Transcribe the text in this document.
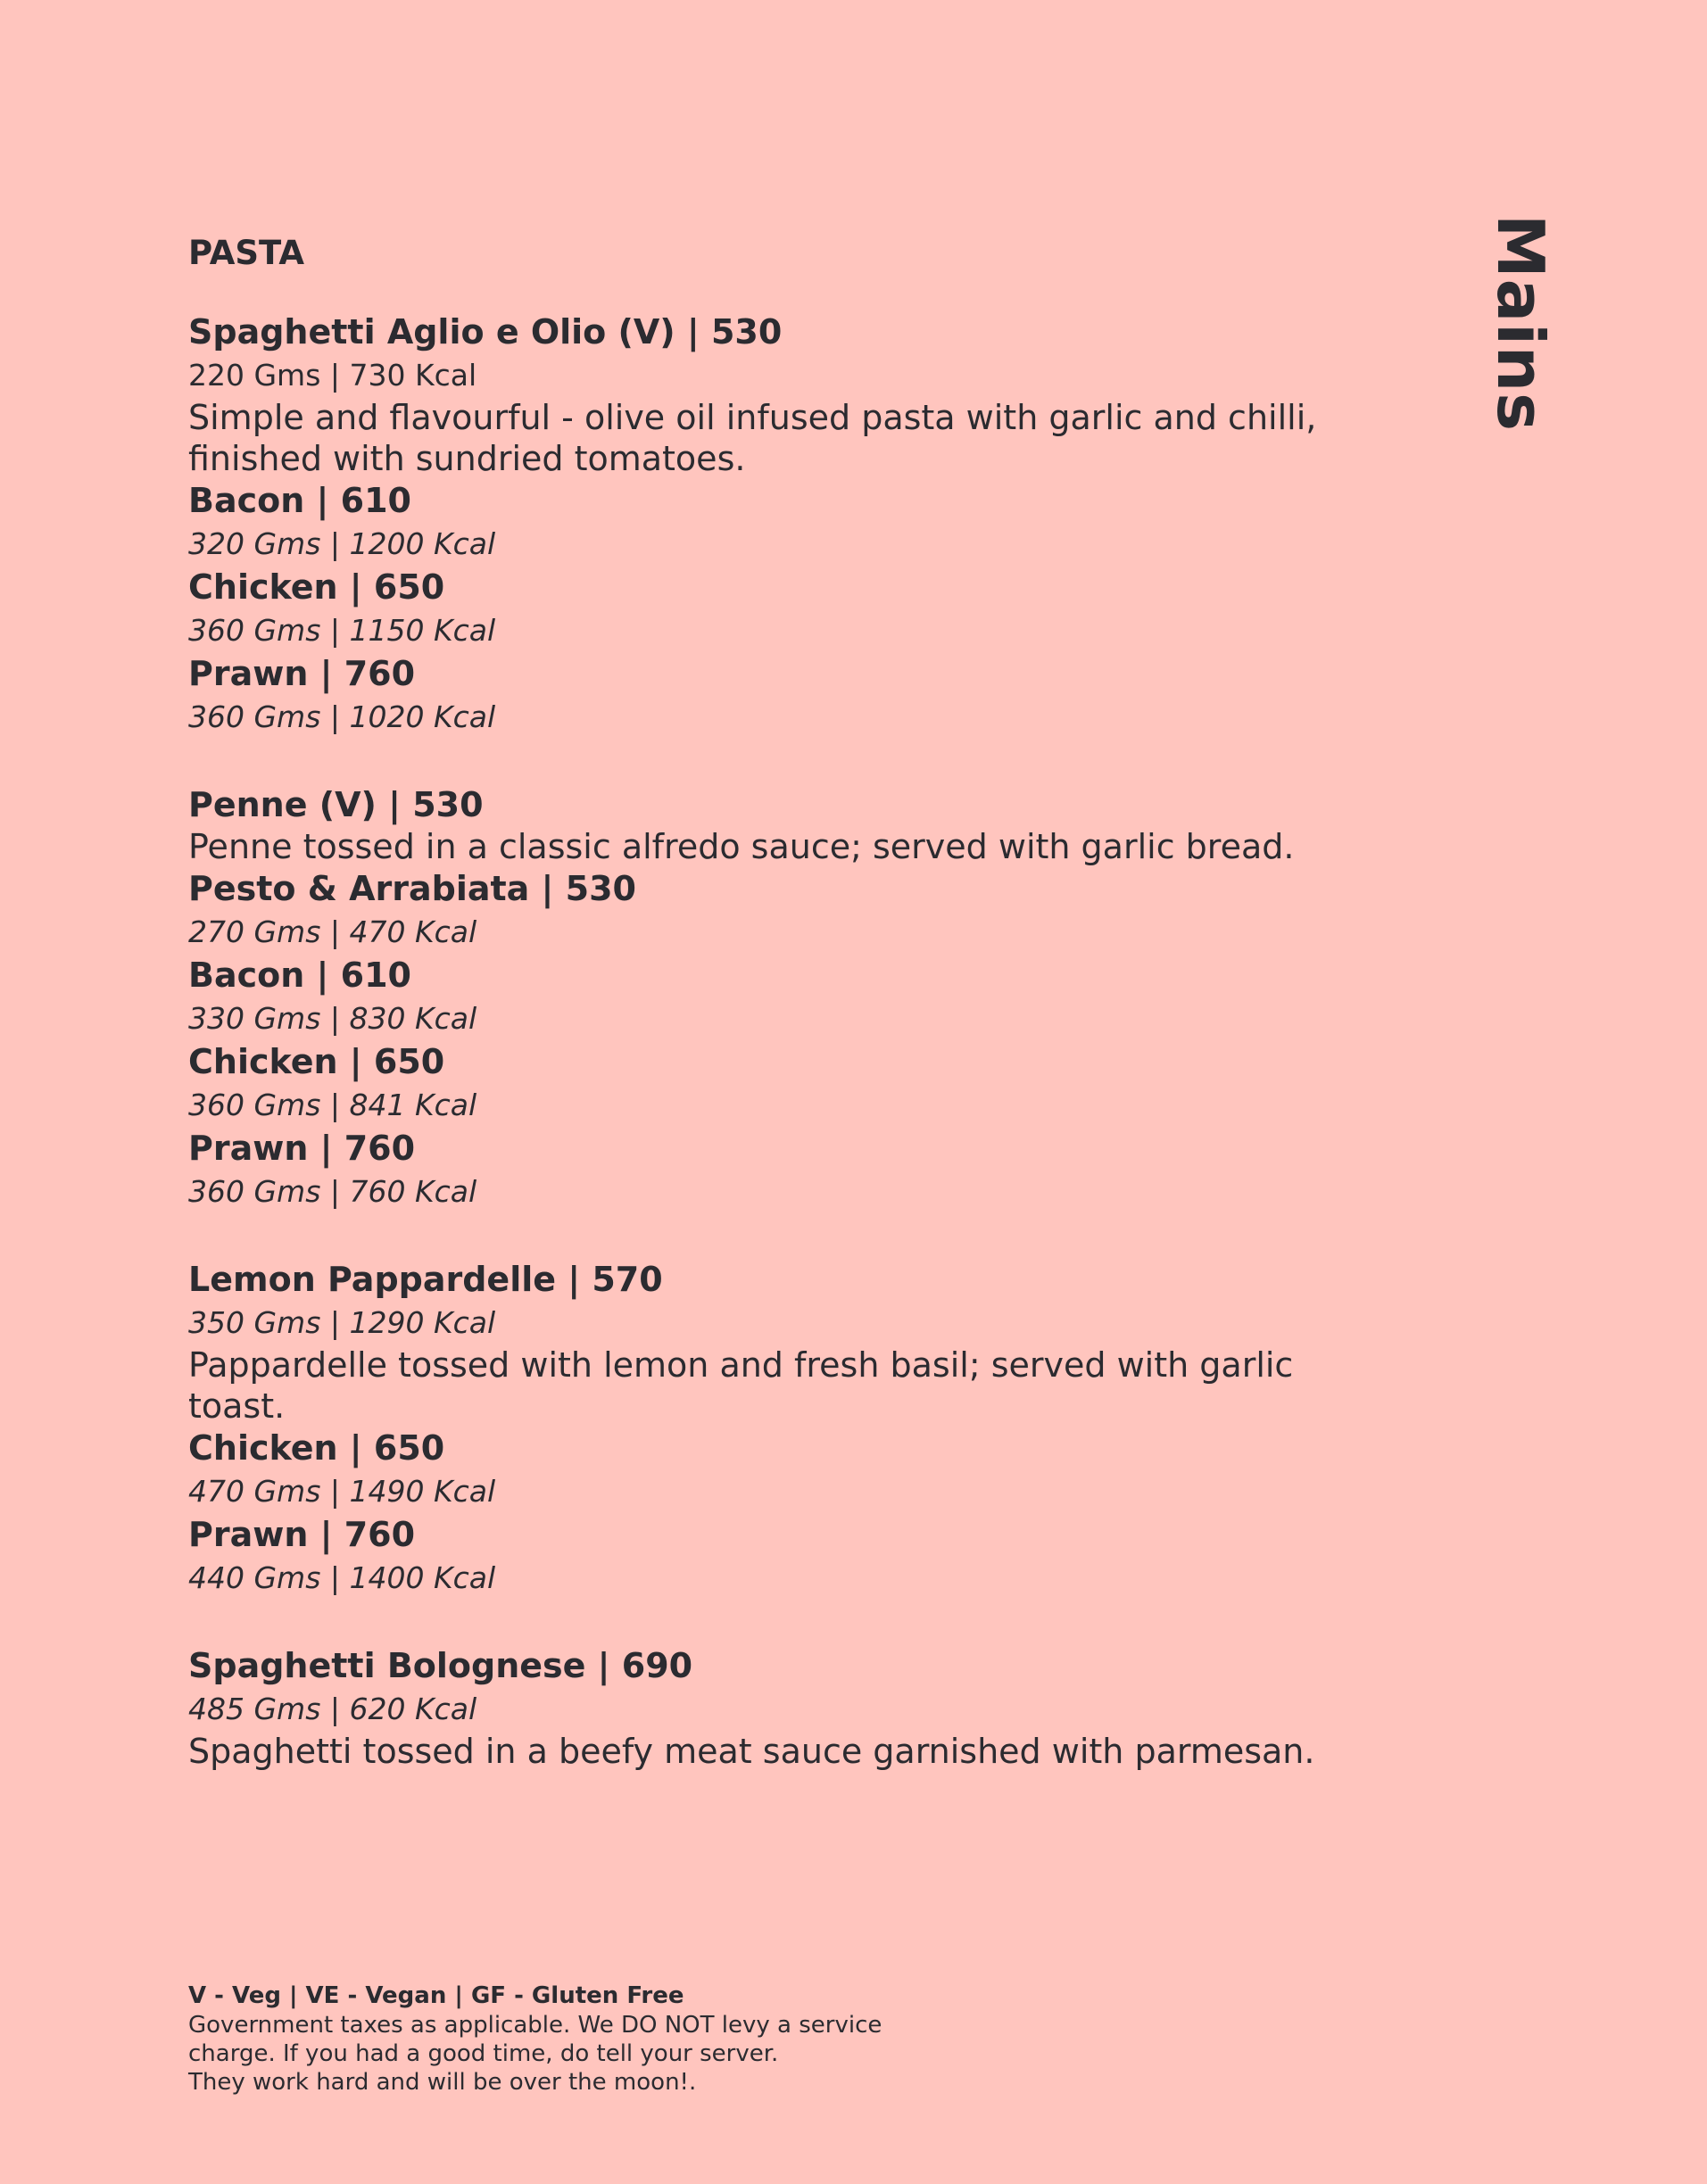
Mains
PASTA

Spaghetti Aglio e Olio (V) | 530

220 Gms | 730 Kcal

Simple and flavourful - olive oil infused pasta with garlic and chilli, finished with sundried tomatoes.

Bacon | 610

320 Gms | 1200 Kcal

Chicken | 650

360 Gms | 1150 Kcal

Prawn | 760

360 Gms | 1020 Kcal

Penne (V) | 530

Penne tossed in a classic alfredo sauce; served with garlic bread.

Pesto & Arrabiata | 530

270 Gms | 470 Kcal

Bacon | 610

330 Gms | 830 Kcal

Chicken | 650

360 Gms | 841 Kcal

Prawn | 760

360 Gms | 760 Kcal

Lemon Pappardelle | 570

350 Gms | 1290 Kcal

Pappardelle tossed with lemon and fresh basil; served with garlic toast.

Chicken | 650

470 Gms | 1490 Kcal

Prawn | 760

440 Gms | 1400 Kcal

Spaghetti Bolognese | 690

485 Gms | 620 Kcal

Spaghetti tossed in a beefy meat sauce garnished with parmesan.

V - Veg | VE - Vegan | GF - Gluten Free

Government taxes as applicable. We DO NOT levy a service

charge. If you had a good time, do tell your server.

They work hard and will be over the moon!.
